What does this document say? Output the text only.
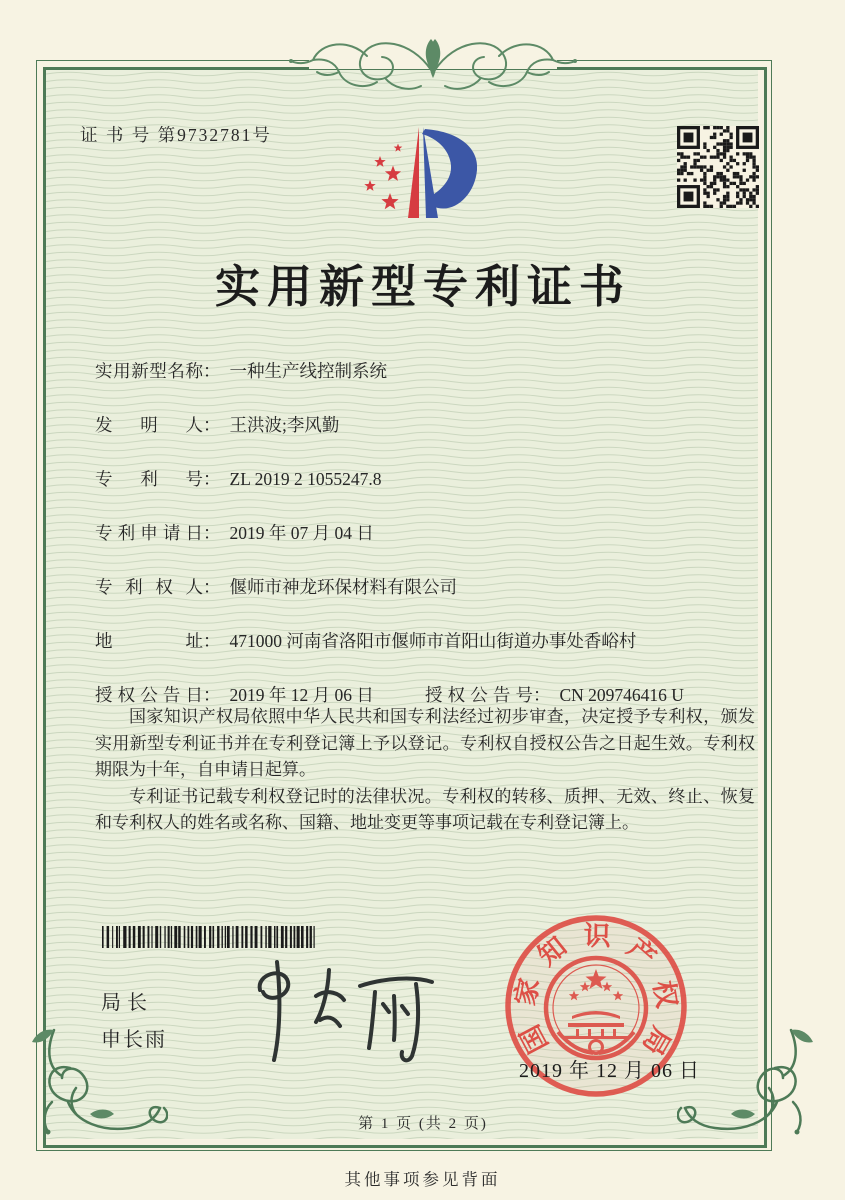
证 书 号 第9732781号
实用新型专利证书
实用新型名称： 一种生产线控制系统
发明人： 王洪波;李风勤
专利号： ZL 2019 2 1055247.8
专利申请日： 2019 年 07 月 04 日
专利权人： 偃师市神龙环保材料有限公司
地址： 471000 河南省洛阳市偃师市首阳山街道办事处香峪村
授权公告日： 2019 年 12 月 06 日	授权公告号： CN 209746416 U

国家知识产权局依照中华人民共和国专利法经过初步审查，决定授予专利权，颁发实用新型专利证书并在专利登记簿上予以登记。专利权自授权公告之日起生效。专利权期限为十年，自申请日起算。

专利证书记载专利权登记时的法律状况。专利权的转移、质押、无效、终止、恢复和专利权人的姓名或名称、国籍、地址变更等事项记载在专利登记簿上。

局长
申长雨	国
家
知 识 产
权
局
2019 年 12 月 06 日
第 1 页 (共 2 页)
其他事项参见背面
